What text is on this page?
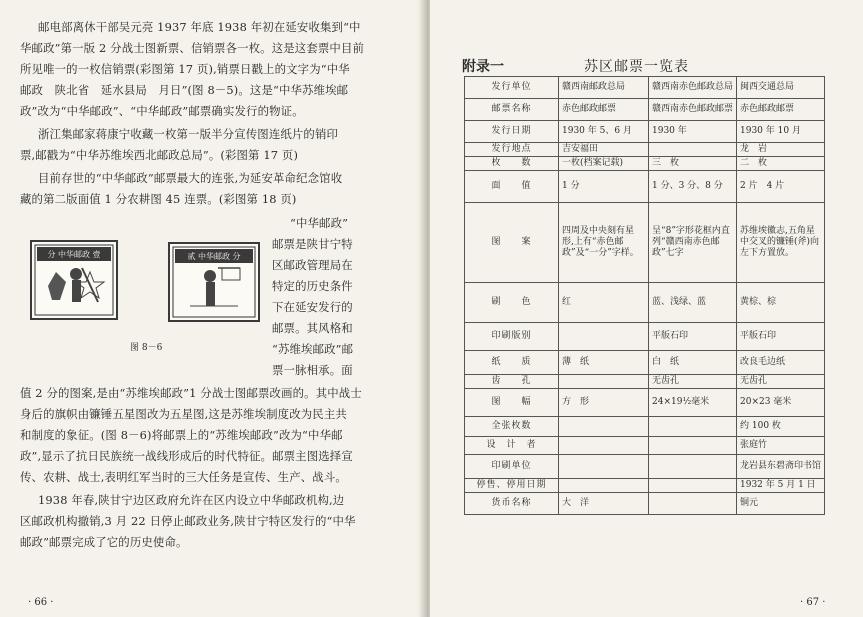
邮电部离休干部吴元亮 1937 年底 1938 年初在延安收集到“中
华邮政”第一版 2 分战士图新票、信销票各一枚。这是这套票中目前
所见唯一的一枚信销票(彩图第 17 页),销票日戳上的文字为“中华
邮政　陕北省　延水县局　月日”(图 8－5)。这是“中华苏维埃邮
政”改为“中华邮政”、“中华邮政”邮票确实发行的物证。
浙江集邮家蒋康宁收藏一枚第一版半分宣传图连纸片的销印
票,邮戳为“中华苏维埃西北邮政总局”。(彩图第 17 页)
目前存世的“中华邮政”邮票最大的连张,为延安革命纪念馆收
藏的第二版面值 1 分农耕图 45 连票。(彩图第 18 页)
“中华邮政”
邮票是陕甘宁特
区邮政管理局在
特定的历史条件
下在延安发行的
邮票。其风格和
“苏维埃邮政”邮
票一脉相承。面
分 中华邮政 壹	贰 中华邮政 分
图 8－6
值 2 分的图案,是由“苏维埃邮政”1 分战士图邮票改画的。其中战士
身后的旗帜由镰锤五星图改为五星图,这是苏维埃制度改为民主共
和制度的象征。(图 8－6)将邮票上的“苏维埃邮政”改为“中华邮
政”,显示了抗日民族统一战线形成后的时代特征。邮票主图选择宣
传、农耕、战士,表明红军当时的三大任务是宣传、生产、战斗。
1938 年春,陕甘宁边区政府允许在区内设立中华邮政机构,边
区邮政机构撤销,3 月 22 日停止邮政业务,陕甘宁特区发行的“中华
邮政”邮票完成了它的历史使命。
· 66 ·
附录一	苏区邮票一览表
发行单位	赣西南邮政总局	赣西南赤色邮政总局	闽西交通总局
邮票名称	赤色邮政邮票	赣西南赤色邮政邮票	赤色邮政邮票
发行日期	1930 年 5、6 月	1930 年	1930 年 10 月
发行地点	吉安福田		龙　岩
枚　　数	一枚(档案记载)	三　枚	二　枚
面　　值	1 分	1 分、3 分、8 分	2 片　4 片
图　　案	四周及中央刻有星形,上有“赤色邮政”及“一分”字样。	呈“8”字形花框内直列“赣西南赤色邮政”七字	苏维埃徽志,五角星中交叉的镰锤(斧)向左下方置放。
刷　　色	红	蓝、浅绿、蓝	黄棕、棕
印刷版别		平版石印	平版石印
纸　　质	薄　纸	白　纸	改良毛边纸
齿　　孔		无齿孔	无齿孔
图　　幅	方　形	24×19½毫米	20×23 毫米
全张枚数			约 100 枚
设　计　者			张庭竹
印刷单位			龙岩县东碧斋印书馆
停售、停用日期			1932 年 5 月 1 日
货币名称	大　洋		铜元
· 67 ·
